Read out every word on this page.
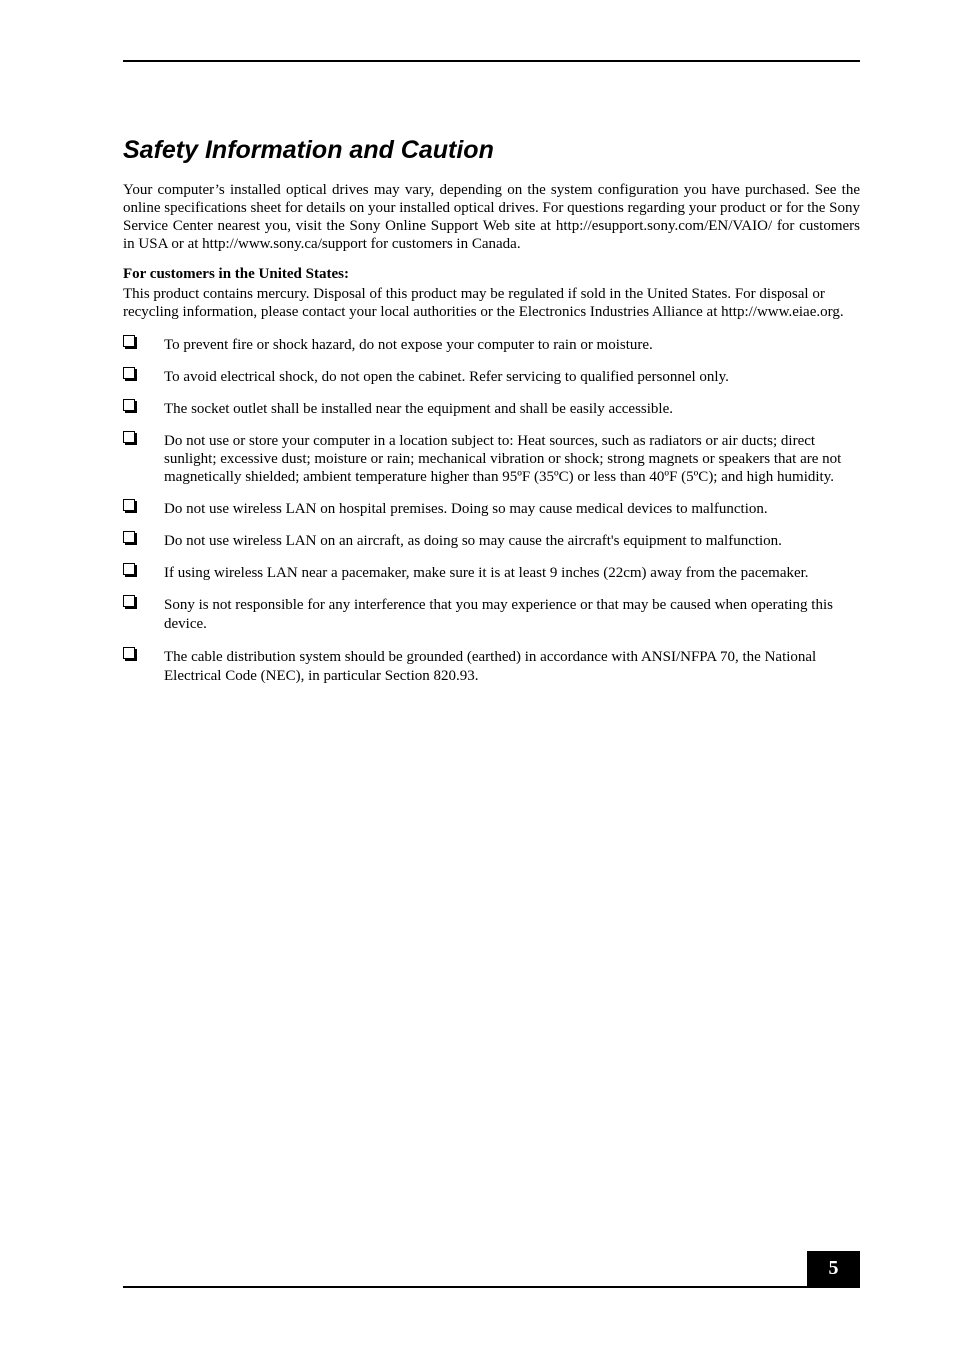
Safety Information and Caution

Your computer’s installed optical drives may vary, depending on the system configuration you have purchased. See the online specifications sheet for details on your installed optical drives. For questions regarding your product or for the Sony Service Center nearest you, visit the Sony Online Support Web site at http://esupport.sony.com/EN/VAIO/ for customers in USA or at http://www.sony.ca/support for customers in Canada.

For customers in the United States:

This product contains mercury. Disposal of this product may be regulated if sold in the United States. For disposal or recycling information, please contact your local authorities or the Electronics Industries Alliance at http://www.eiae.org.

To prevent fire or shock hazard, do not expose your computer to rain or moisture.
To avoid electrical shock, do not open the cabinet. Refer servicing to qualified personnel only.
The socket outlet shall be installed near the equipment and shall be easily accessible.
Do not use or store your computer in a location subject to: Heat sources, such as radiators or air ducts; direct sunlight; excessive dust; moisture or rain; mechanical vibration or shock; strong magnets or speakers that are not magnetically shielded; ambient temperature higher than 95ºF (35ºC) or less than 40ºF (5ºC); and high humidity.
Do not use wireless LAN on hospital premises. Doing so may cause medical devices to malfunction.
Do not use wireless LAN on an aircraft, as doing so may cause the aircraft's equipment to malfunction.
If using wireless LAN near a pacemaker, make sure it is at least 9 inches (22cm) away from the pacemaker.
Sony is not responsible for any interference that you may experience or that may be caused when operating this device.
The cable distribution system should be grounded (earthed) in accordance with ANSI/NFPA 70, the National Electrical Code (NEC), in particular Section 820.93.
5
